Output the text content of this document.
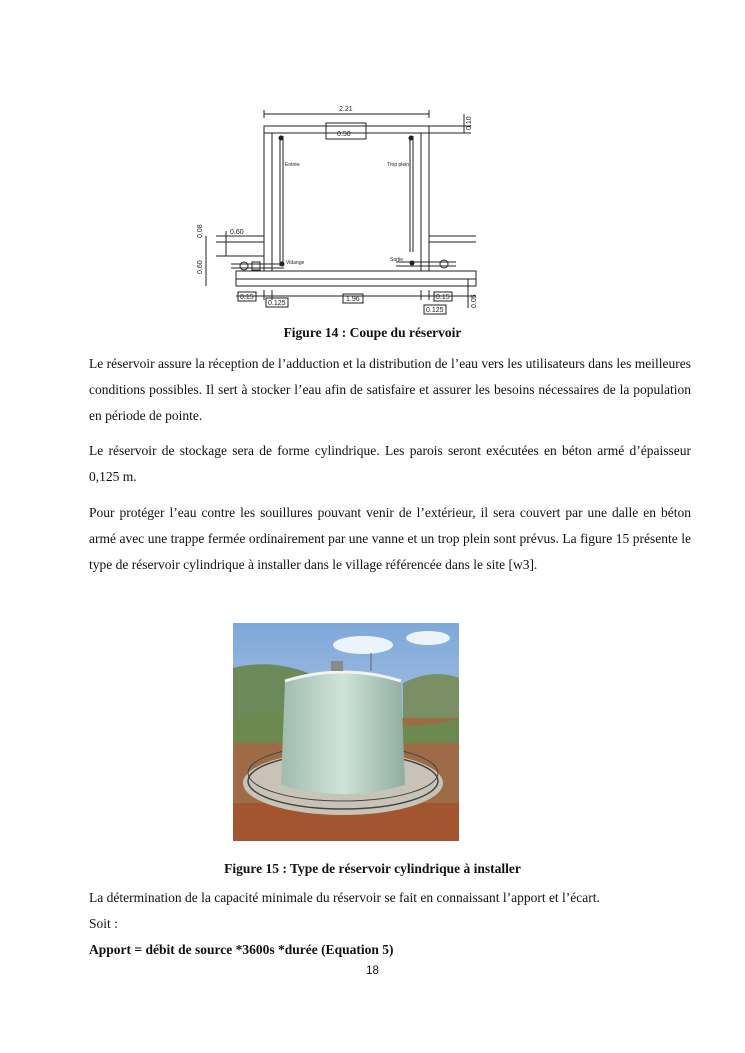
2.21
0.50
0.10
0.08	0.60
0.60
0.15
0.125
1.96	0.15
0.125
0.05
Entrée	Trop plein
Vidange	Sortie
Figure 14 : Coupe du réservoir

Le réservoir assure la réception de l’adduction et la distribution de l’eau vers les utilisateurs dans les meilleures conditions possibles. Il sert à stocker l’eau afin de satisfaire et assurer les besoins nécessaires de la population en période de pointe.

Le réservoir de stockage sera de forme cylindrique. Les parois seront exécutées en béton armé d’épaisseur 0,125 m.

Pour protéger l’eau contre les souillures pouvant venir de l’extérieur, il sera couvert par une dalle en béton armé avec une trappe fermée ordinairement par une vanne et un trop plein sont prévus. La figure 15 présente le type de réservoir cylindrique à installer dans le village référencée dans le site [w3].

Figure 15 : Type de réservoir cylindrique à installer
La détermination de la capacité minimale du réservoir se fait en connaissant l’apport et l’écart.
Soit :
Apport = débit de source *3600s *durée (Equation 5)
18
